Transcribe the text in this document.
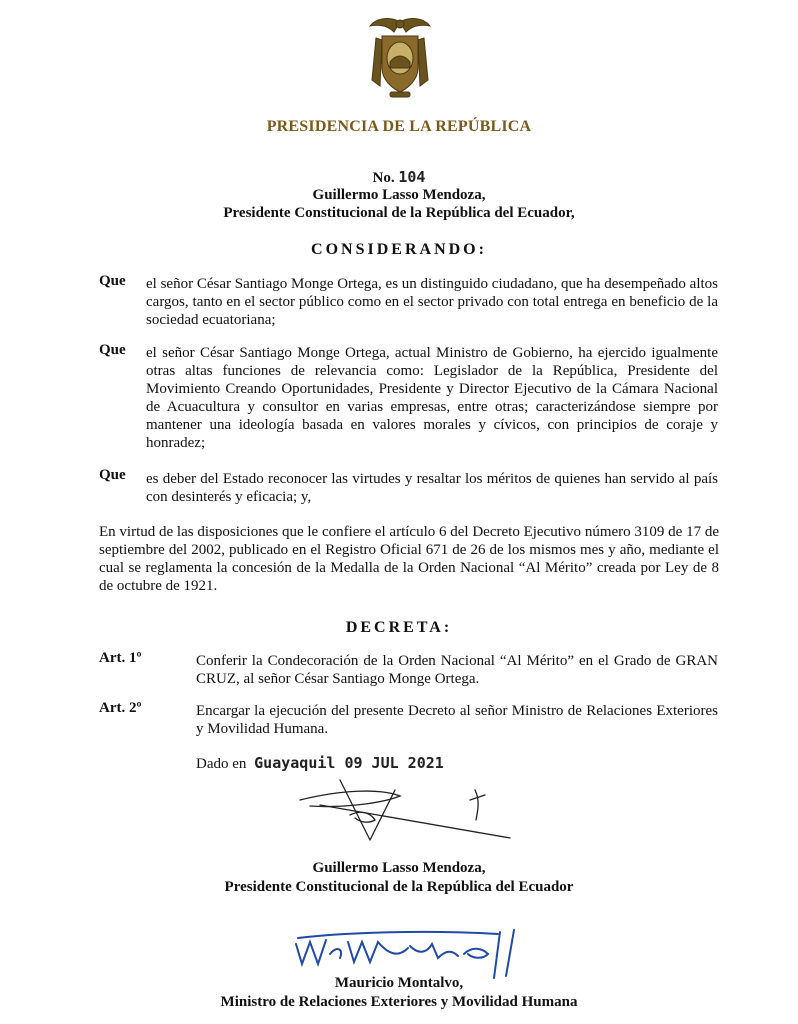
PRESIDENCIA DE LA REPÚBLICA
No. 104
Guillermo Lasso Mendoza,
Presidente Constitucional de la República del Ecuador,
CONSIDERANDO:
Que el señor César Santiago Monge Ortega, es un distinguido ciudadano, que ha desempeñado altos cargos, tanto en el sector público como en el sector privado con total entrega en beneficio de la sociedad ecuatoriana;
Que el señor César Santiago Monge Ortega, actual Ministro de Gobierno, ha ejercido igualmente otras altas funciones de relevancia como: Legislador de la República, Presidente del Movimiento Creando Oportunidades, Presidente y Director Ejecutivo de la Cámara Nacional de Acuacultura y consultor en varias empresas, entre otras; caracterizándose siempre por mantener una ideología basada en valores morales y cívicos, con principios de coraje y honradez;
Que es deber del Estado reconocer las virtudes y resaltar los méritos de quienes han servido al país con desinterés y eficacia; y,
En virtud de las disposiciones que le confiere el artículo 6 del Decreto Ejecutivo número 3109 de 17 de septiembre del 2002, publicado en el Registro Oficial 671 de 26 de los mismos mes y año, mediante el cual se reglamenta la concesión de la Medalla de la Orden Nacional “Al Mérito” creada por Ley de 8 de octubre de 1921.
DECRETA:
Art. 1º	Conferir la Condecoración de la Orden Nacional “Al Mérito” en el Grado de GRAN CRUZ, al señor César Santiago Monge Ortega.
Art. 2º	Encargar la ejecución del presente Decreto al señor Ministro de Relaciones Exteriores y Movilidad Humana.
Dado en Guayaquil 09 JUL 2021
Guillermo Lasso Mendoza,
Presidente Constitucional de la República del Ecuador
Mauricio Montalvo,
Ministro de Relaciones Exteriores y Movilidad Humana
